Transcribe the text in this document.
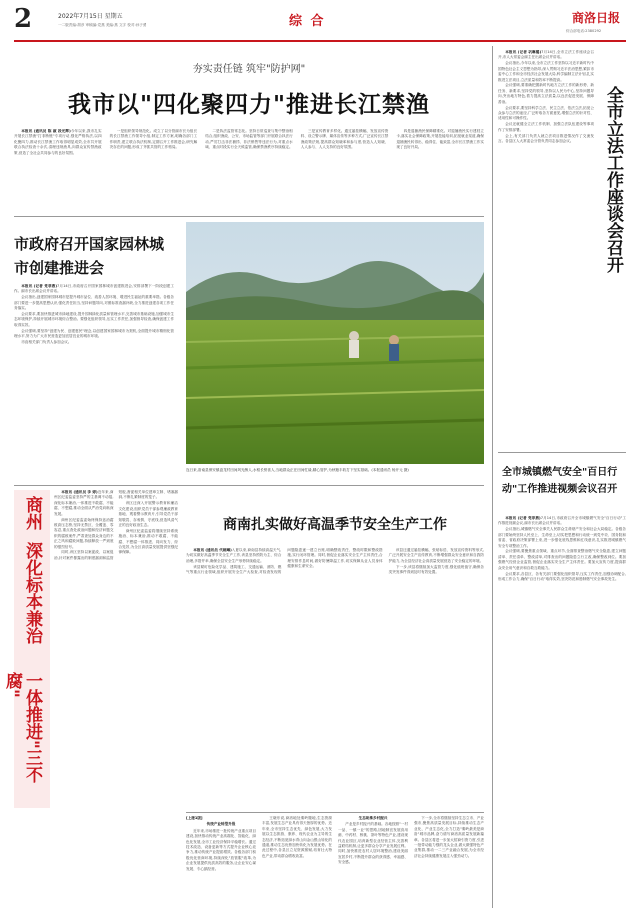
2	2022年7月15日 星期五
一二版责编:胡彦 审稿编:党燕 美编:燕 文字 校对:孙子勇	综 合	商洛日报
综合部电话:2380292
夯实责任链 筑牢"防护网"
我市以"四化聚四力"推进长江禁渔

本报讯 (通讯员 陈 淑 段光辉)今年以来,我市扎实开展长江禁渔"打非断链"专项行动,强化严格执法,以四化聚四力,推动长江禁渔工作取得明显成效,全市共开展联合执法检查十余次,清理违规渔具,向群众宣传禁渔政策,营造了全社会共同参与的良好氛围。

一是组织领导规范化。成立了以分管副市长为组长的长江禁渔工作领导小组,制定工作方案,明确各部门工作职责,建立联合执法机制,定期召开工作推进会,研究解决存在的问题,形成了齐抓共管的工作格局。

二是执法监管常态化。坚持日常巡查与集中整治相结合,组织渔政、公安、市场监管等部门开展联合执法行动,严厉打击非法捕捞、非法销售等违法行为,对重点水域、重点时段实行全天候监管,确保禁渔秩序持续稳定。

三是宣传教育多样化。通过悬挂横幅、发放宣传资料、设立警示牌、媒体宣传等多种方式,广泛宣传长江禁渔政策法规,提高群众知晓率和参与度,营造人人知晓、人人参与、人人支持的良好氛围。

四是退捕渔民保障精准化。对退捕渔民实行建档立卡,落实社会保障政策,开展技能培训,拓宽就业渠道,确保退捕渔民转得出、稳得住、能致富,全市长江禁渔工作实现了良好开局。

市政府召开国家园林城市创建推进会

本报讯 (记者 党菲燕)7月14日,市政府召开国家园林城市创建推进会,安排部署下一阶段创建工作。副市长出席会议并讲话。

会议指出,创建国家园林城市是提升城市品位、改善人居环境、增进民生福祉的重要举措。各级各部门要进一步提高思想认识,强化责任担当,坚持问题导向,对照标准查漏补缺,全力推进创建各项工作任务落实。

会议要求,要加快推进城市绿地建设,提升园林绿化质量和管理水平,完善城市基础设施,加强城市生态环境保护,持续开展城市环境综合整治。要强化组织领导,压实工作责任,加强督导检查,确保创建工作取得实效。

会议强调,要坚持"创建为民、创建惠民"理念,以创建国家园林城市为契机,全面提升城市精细化管理水平,努力为广大市民营造更加宜居宜业的城市环境。

市直相关部门负责人参加会议。

连日来,洛南县保安镇盘龙村田间风光醉人,水稻长势喜人,当地群众正在田间忙碌,精心管护,为秋粮丰收打下坚实基础。(本报通讯员 杨开元 摄)
商州
深化标本兼治
一体推进"三不腐"

本报讯 (通讯员 李 婷)近年来,商州区纪委监委坚持严的主基调不动摇,深化标本兼治,一体推进不敢腐、不能腐、不想腐,推动全面从严治党向纵深发展。

商州区纪委监委始终保持惩治腐败高压态势,坚持无禁区、全覆盖、零容忍,重点查处政治问题和经济问题交织的腐败案件,严肃查处群众身边的不正之风和腐败问题,持续释放一严到底的强烈信号。

同时,该区坚持以案促改、以案促治,针对案件暴露出的制度漏洞和监管短板,督促相关单位建章立制、堵塞漏洞,不断扎紧制度的笼子。

该区还深入开展警示教育和廉洁文化建设,组织党员干部参观廉政教育基地、观看警示教育片,引导党员干部知敬畏、存戒惧、守底线,营造风清气正的良好政治生态。

商州区纪委监委将继续坚持系统施治、标本兼治,推动不敢腐、不能腐、不想腐一体推进、同向发力、综合见效,为全区高质量发展提供坚强纪律保障。

商南扎实做好高温季节安全生产工作

本报讯 (通讯员 代婉琳)入夏以来,商南县持续高温天气,为切实做好高温季节安全生产工作,该县坚持预防为主、综合治理,多措并举,确保全县安全生产形势持续稳定。

该县紧盯危险化学品、建筑施工、交通运输、消防、燃气等重点行业领域,组织开展安全生产大检查,对检查发现的问题隐患逐一建立台账,明确整改责任、整改时限和整改措施,实行闭环管理。同时,督促企业落实安全生产主体责任,合理安排作息时间,做好防暑降温工作,切实保障从业人员身体健康和生命安全。

该县还通过悬挂横幅、张贴标语、发放宣传资料等形式,广泛开展安全生产宣传教育,不断增强群众安全意识和自我防护能力,为全县经济社会高质量发展营造了安全稳定的环境。

下一步,该县将继续加大监管力度,强化值班值守,确保各类突发事件得到及时有效处置。

[上接1版]
传统产业转型升级

近年来,市场推进一批传统产业重点项目建设,加快推动传统产业高端化、智能化、绿色化发展,全市工业经济保持平稳增长。通过技术改造、设备更新等方式提升企业核心竞争力,推动传统产业提质增效。各级各部门积极优化营商环境,持续深化"放管服"改革,为企业发展提供优质高效的服务,让企业安心谋发展、专心搞经营。

王晓东说,商洛地处秦岭腹地,生态资源丰富,发展生态产业具有得天独厚的优势。近年来,全市坚持生态优先、绿色发展,大力发展以生态旅游、康养、现代农业为主导的生态经济,不断拓宽绿水青山向金山银山转化的通道,推动生态优势加快转化为发展优势。在此过程中,各县区立足资源禀赋,培育壮大特色产业,带动群众增收致富。

生态助推乡村振兴

产业是乡村振兴的基础。各地按照"一村一品、一镇一业"的思路,因地制宜发展食用菌、中药材、核桃、茶叶等特色产业,建设现代农业园区,培育新型农业经营主体,完善利益联结机制,让更多群众分享产业发展红利。同时,加快推进农村人居环境整治,建设美丽宜居乡村,不断提升群众的获得感、幸福感、安全感。

下一步,全市将继续坚持生态立市、产业强市,聚焦高质量发展目标,持续推动生态产业化、产业生态化,全力打造"秦岭最美是商洛"城市品牌,奋力谱写商洛高质量发展新篇章。各县区将进一步加大招商引资力度,引进一批带动能力强的龙头企业,做大做强特色产业集群,推动一二三产业融合发展,为全市经济社会持续健康发展注入强劲动力。

全市立法工作座谈会召开

本报讯 (记者 巩琳璐)7月14日,全市立法工作座谈会召开,市人大常委会副主任出席会议并讲话。

会议指出,今年以来,全市立法工作坚持以习近平新时代中国特色社会主义思想为指导,深入贯彻习近平法治思想,紧扣市委中心工作和全市经济社会发展大局,科学编制立法计划,扎实推进立法项目,立法质量和效率不断提高。

会议强调,要准确把握新时代地方立法工作的新形势、新任务、新要求,坚持党的领导,坚持以人民为中心,坚持问题导向,突出地方特色,着力提高立法质量,以良法促进发展、保障善治。

会议要求,要坚持科学立法、民主立法、依法立法,拓宽公众参与立法的途径,广泛听取各方面意见,增强立法的针对性、适用性和可操作性。

会议还就健全立法工作机制、加强立法队伍建设等事项作了安排部署。

会上,有关部门负责人就立法项目推进情况作了交流发言。各县区人大常委会分管负责同志参加会议。

全市城镇燃气安全"百日行动"工作推进视频会议召开

本报讯 (记者 党菲燕)7月14日,市政府召开全市城镇燃气安全"百日行动"工作推进视频会议,副市长出席会议并讲话。

会议指出,城镇燃气安全事关人民群众生命财产安全和社会大局稳定。各级各部门要始终坚持人民至上、生命至上,切实把思想和行动统一到党中央、国务院和省委、省政府决策部署上来,进一步强化底线思维和红线意识,扎实推进城镇燃气安全专项整治工作。

会议强调,要聚焦重点领域、重点环节,全面排查整治燃气安全隐患,建立问题清单、责任清单、整改清单,对排查出的问题隐患立行立改,确保整改到位。要加强燃气经营企业监管,督促企业落实安全生产主体责任。要加大宣传力度,提高群众安全用气意识和自救互救能力。

会议要求,各县区、各有关部门要强化组织领导,压实工作责任,加强协调配合,形成工作合力,确保"百日行动"取得实效,坚决防范和遏制燃气安全事故发生。
